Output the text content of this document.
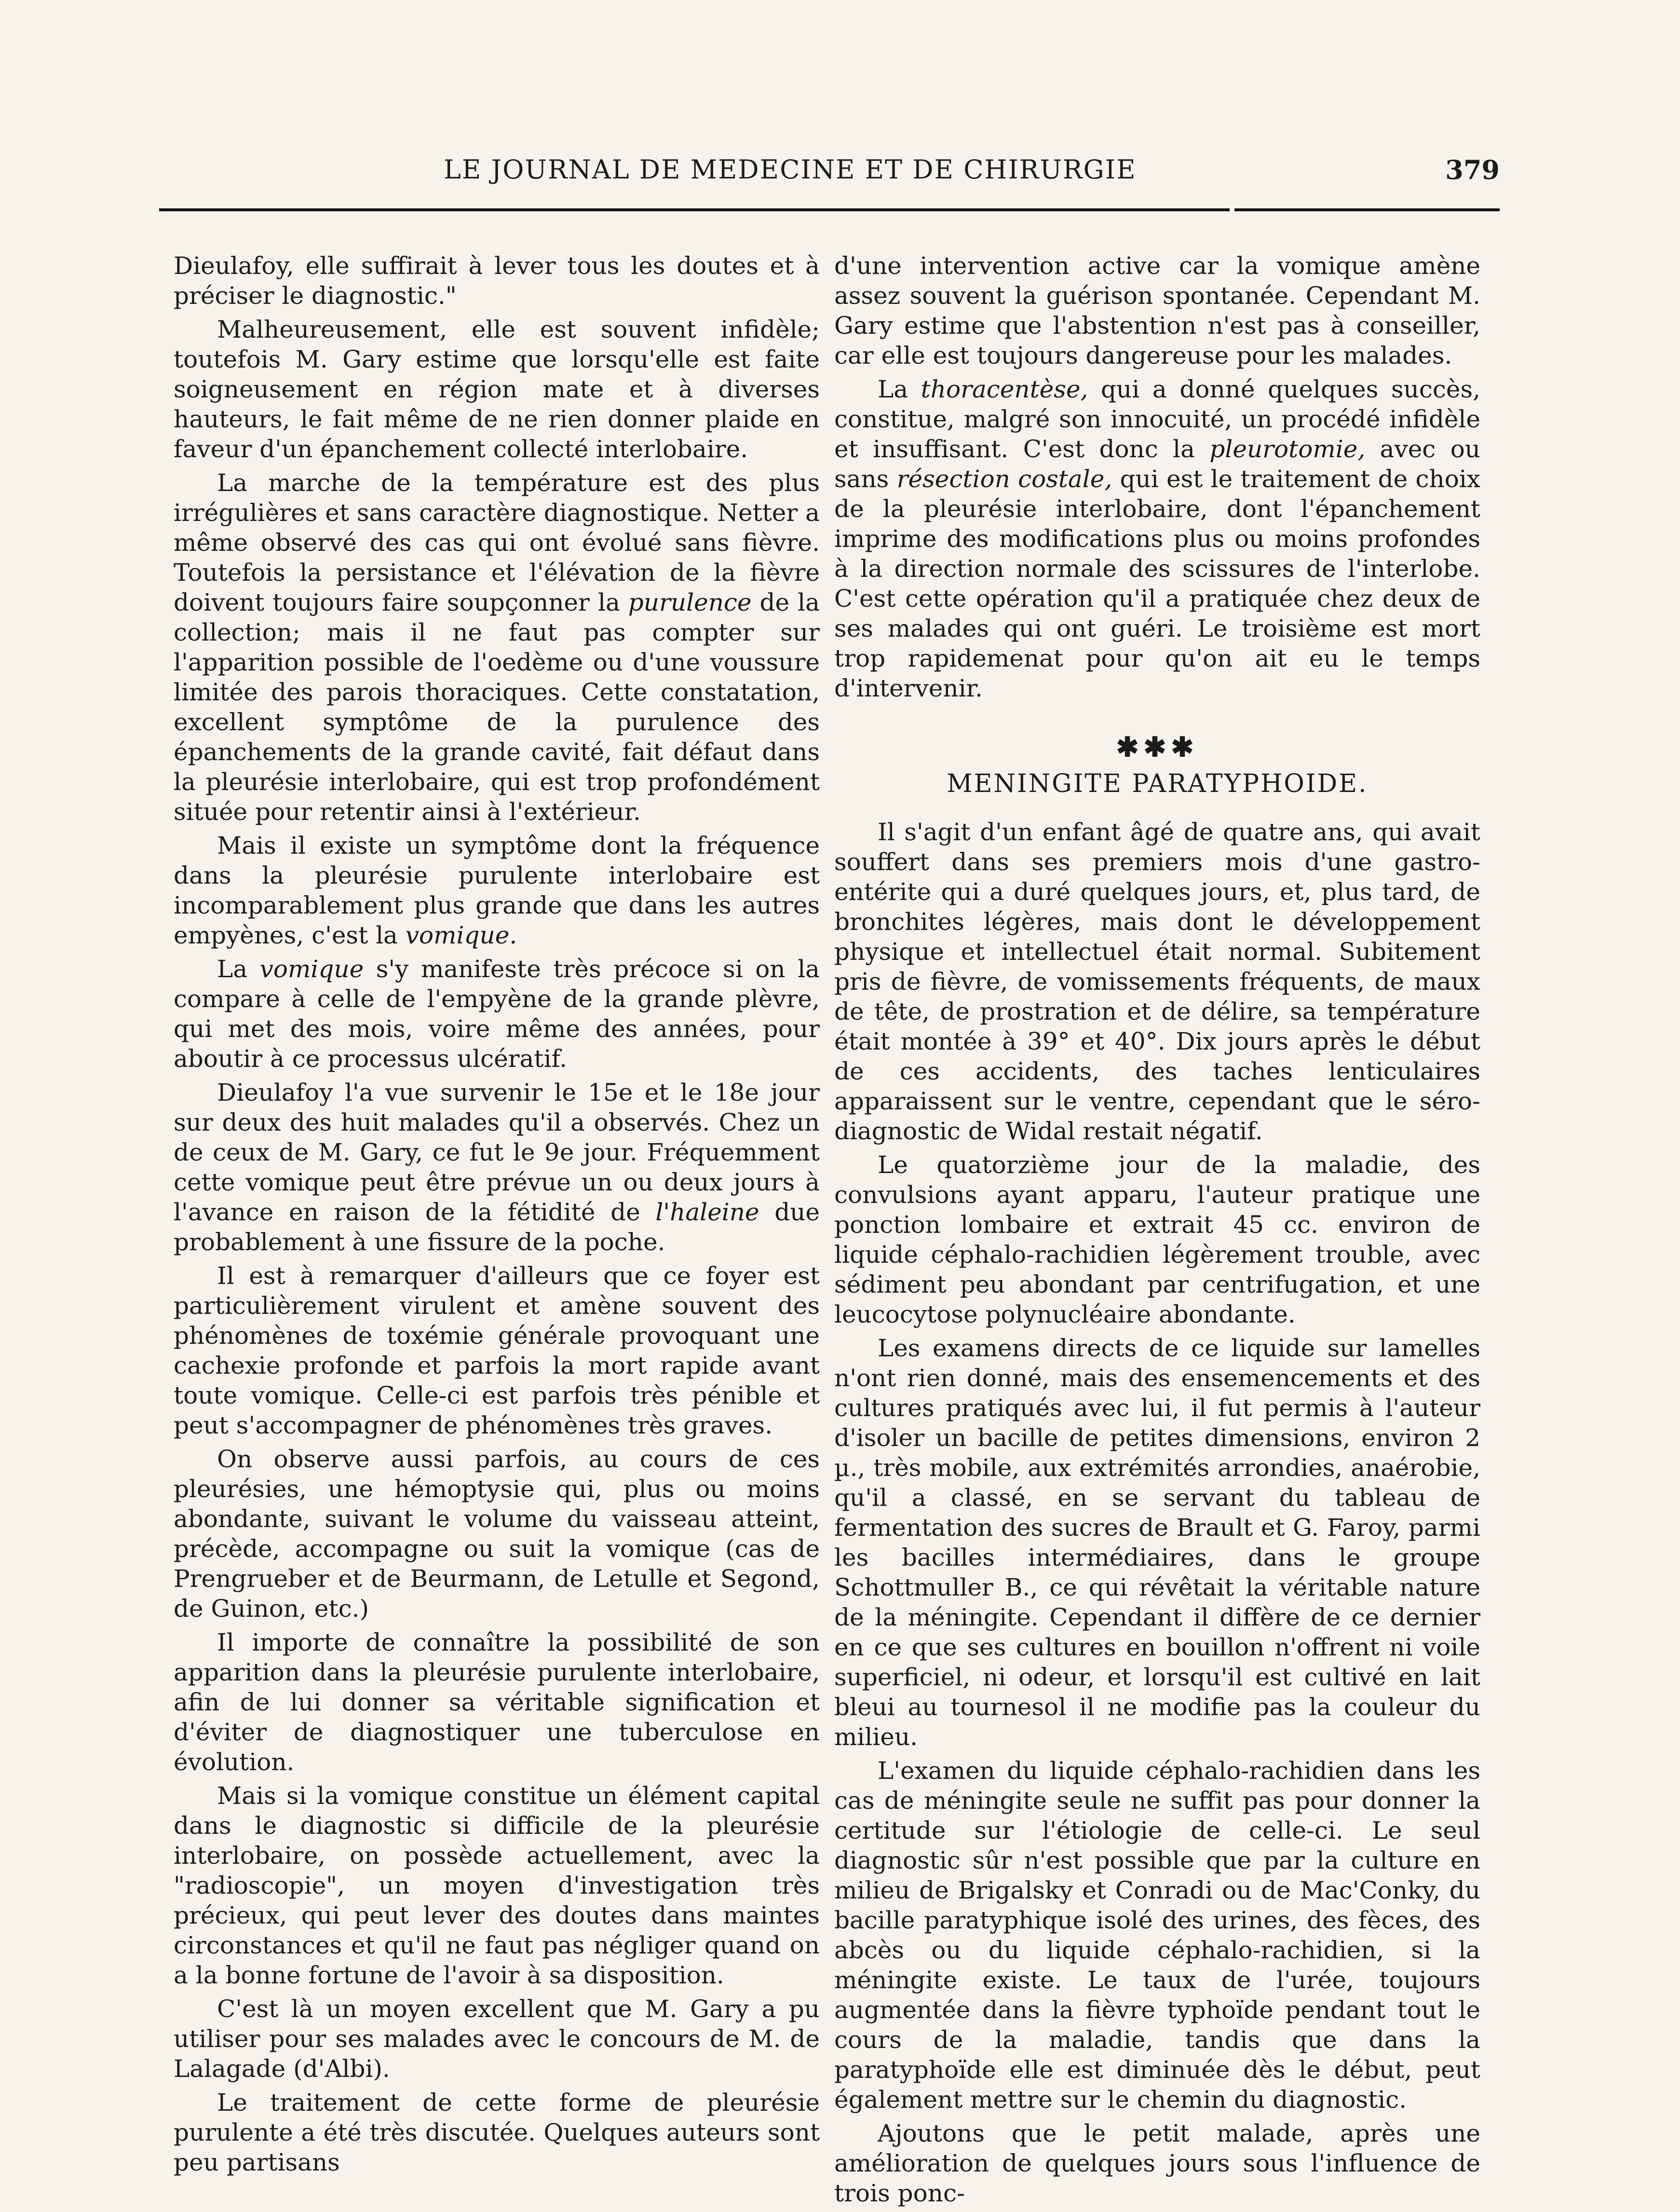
LE JOURNAL DE MEDECINE ET DE CHIRURGIE	379

Dieulafoy, elle suffirait à lever tous les doutes et à préciser le diagnostic."

Malheureusement, elle est souvent infidèle; toutefois M. Gary estime que lorsqu'elle est faite soigneusement en région mate et à diverses hauteurs, le fait même de ne rien donner plaide en faveur d'un épanchement collecté interlobaire.

La marche de la température est des plus irrégulières et sans caractère diagnostique. Netter a même observé des cas qui ont évolué sans fièvre. Toutefois la persistance et l'élévation de la fièvre doivent toujours faire soupçonner la purulence de la collection; mais il ne faut pas compter sur l'apparition possible de l'oedème ou d'une voussure limitée des parois thoraciques. Cette constatation, excellent symptôme de la purulence des épanchements de la grande cavité, fait défaut dans la pleurésie interlobaire, qui est trop profondément située pour retentir ainsi à l'extérieur.

Mais il existe un symptôme dont la fréquence dans la pleurésie purulente interlobaire est incomparablement plus grande que dans les autres empyènes, c'est la vomique.

La vomique s'y manifeste très précoce si on la compare à celle de l'empyène de la grande plèvre, qui met des mois, voire même des années, pour aboutir à ce processus ulcératif.

Dieulafoy l'a vue survenir le 15e et le 18e jour sur deux des huit malades qu'il a observés. Chez un de ceux de M. Gary, ce fut le 9e jour. Fréquemment cette vomique peut être prévue un ou deux jours à l'avance en raison de la fétidité de l'haleine due probablement à une fissure de la poche.

Il est à remarquer d'ailleurs que ce foyer est particulièrement virulent et amène souvent des phénomènes de toxémie générale provoquant une cachexie profonde et parfois la mort rapide avant toute vomique. Celle-ci est parfois très pénible et peut s'accompagner de phénomènes très graves.

On observe aussi parfois, au cours de ces pleurésies, une hémoptysie qui, plus ou moins abondante, suivant le volume du vaisseau atteint, précède, accompagne ou suit la vomique (cas de Prengrueber et de Beurmann, de Letulle et Segond, de Guinon, etc.)

Il importe de connaître la possibilité de son apparition dans la pleurésie purulente interlobaire, afin de lui donner sa véritable signification et d'éviter de diagnostiquer une tuberculose en évolution.

Mais si la vomique constitue un élément capital dans le diagnostic si difficile de la pleurésie interlobaire, on possède actuellement, avec la "radioscopie", un moyen d'investigation très précieux, qui peut lever des doutes dans maintes circonstances et qu'il ne faut pas négliger quand on a la bonne fortune de l'avoir à sa disposition.

C'est là un moyen excellent que M. Gary a pu utiliser pour ses malades avec le concours de M. de Lalagade (d'Albi).

Le traitement de cette forme de pleurésie purulente a été très discutée. Quelques auteurs sont peu partisans

d'une intervention active car la vomique amène assez souvent la guérison spontanée. Cependant M. Gary estime que l'abstention n'est pas à conseiller, car elle est toujours dangereuse pour les malades.

La thoracentèse, qui a donné quelques succès, constitue, malgré son innocuité, un procédé infidèle et insuffisant. C'est donc la pleurotomie, avec ou sans résection costale, qui est le traitement de choix de la pleurésie interlobaire, dont l'épanchement imprime des modifications plus ou moins profondes à la direction normale des scissures de l'interlobe. C'est cette opération qu'il a pratiquée chez deux de ses malades qui ont guéri. Le troisième est mort trop rapidemenat pour qu'on ait eu le temps d'intervenir.

✱✱✱
MENINGITE PARATYPHOIDE.

Il s'agit d'un enfant âgé de quatre ans, qui avait souffert dans ses premiers mois d'une gastro-entérite qui a duré quelques jours, et, plus tard, de bronchites légères, mais dont le développement physique et intellectuel était normal. Subitement pris de fièvre, de vomissements fréquents, de maux de tête, de prostration et de délire, sa température était montée à 39° et 40°. Dix jours après le début de ces accidents, des taches lenticulaires apparaissent sur le ventre, cependant que le séro-diagnostic de Widal restait négatif.

Le quatorzième jour de la maladie, des convulsions ayant apparu, l'auteur pratique une ponction lombaire et extrait 45 cc. environ de liquide céphalo-rachidien légèrement trouble, avec sédiment peu abondant par centrifugation, et une leucocytose polynucléaire abondante.

Les examens directs de ce liquide sur lamelles n'ont rien donné, mais des ensemencements et des cultures pratiqués avec lui, il fut permis à l'auteur d'isoler un bacille de petites dimensions, environ 2 µ., très mobile, aux extrémités arrondies, anaérobie, qu'il a classé, en se servant du tableau de fermentation des sucres de Brault et G. Faroy, parmi les bacilles intermédiaires, dans le groupe Schottmuller B., ce qui révêtait la véritable nature de la méningite. Cependant il diffère de ce dernier en ce que ses cultures en bouillon n'offrent ni voile superficiel, ni odeur, et lorsqu'il est cultivé en lait bleui au tournesol il ne modifie pas la couleur du milieu.

L'examen du liquide céphalo-rachidien dans les cas de méningite seule ne suffit pas pour donner la certitude sur l'étiologie de celle-ci. Le seul diagnostic sûr n'est possible que par la culture en milieu de Brigalsky et Conradi ou de Mac'Conky, du bacille paratyphique isolé des urines, des fèces, des abcès ou du liquide céphalo-rachidien, si la méningite existe. Le taux de l'urée, toujours augmentée dans la fièvre typhoïde pendant tout le cours de la maladie, tandis que dans la paratyphoïde elle est diminuée dès le début, peut également mettre sur le chemin du diagnostic.

Ajoutons que le petit malade, après une amélioration de quelques jours sous l'influence de trois ponc-
